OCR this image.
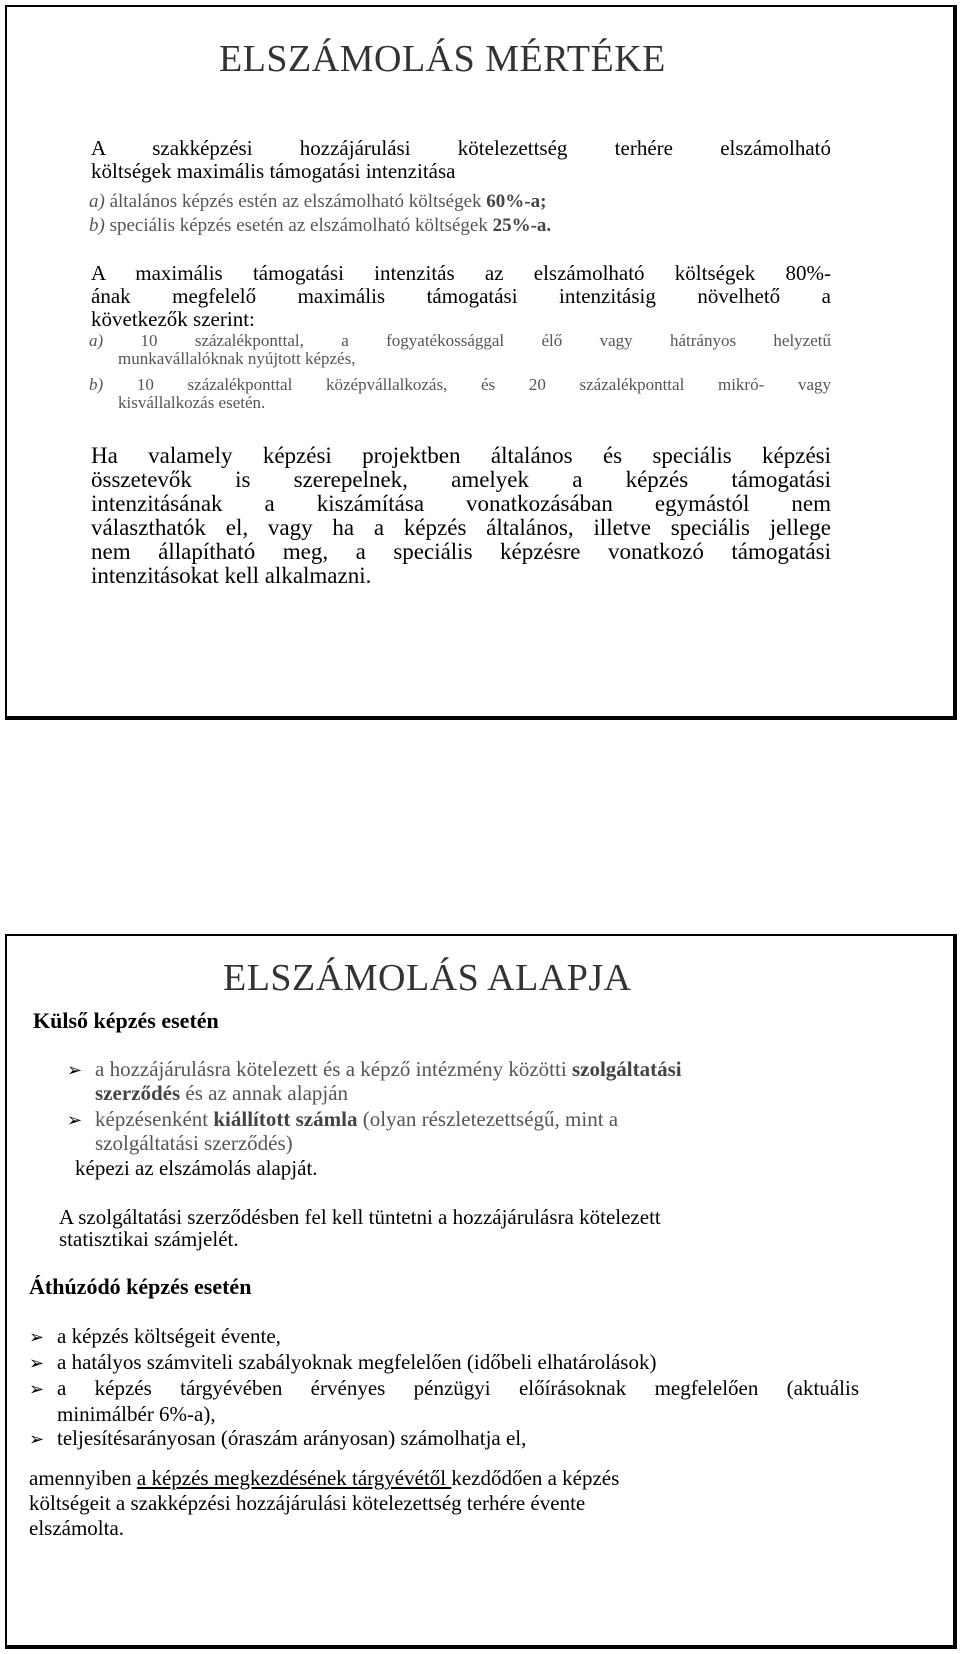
ELSZÁMOLÁS MÉRTÉKE
A szakképzési hozzájárulási kötelezettség terhére elszámolható
költségek maximális támogatási intenzitása
a) általános képzés estén az elszámolható költségek 60%-a;
b) speciális képzés esetén az elszámolható költségek 25%-a.
A maximális támogatási intenzitás az elszámolható költségek 80%-
ának megfelelő maximális támogatási intenzitásig növelhető a
következők szerint:
a) 10 százalékponttal, a fogyatékossággal élő vagy hátrányos helyzetű
munkavállalóknak nyújtott képzés,
b) 10 százalékponttal középvállalkozás, és 20 százalékponttal mikró- vagy
kisvállalkozás esetén.
Ha valamely képzési projektben általános és speciális képzési
összetevők is szerepelnek, amelyek a képzés támogatási
intenzitásának a kiszámítása vonatkozásában egymástól nem
választhatók el, vagy ha a képzés általános, illetve speciális jellege
nem állapítható meg, a speciális képzésre vonatkozó támogatási
intenzitásokat kell alkalmazni.
ELSZÁMOLÁS ALAPJA
Külső képzés esetén
➢ a hozzájárulásra kötelezett és a képző intézmény közötti szolgáltatási
szerződés és az annak alapján
➢ képzésenként kiállított számla (olyan részletezettségű, mint a
szolgáltatási szerződés)
képezi az elszámolás alapját.
A szolgáltatási szerződésben fel kell tüntetni a hozzájárulásra kötelezett
statisztikai számjelét.
Áthúzódó képzés esetén
➢ a képzés költségeit évente,
➢ a hatályos számviteli szabályoknak megfelelően (időbeli elhatárolások)
➢ a képzés tárgyévében érvényes pénzügyi előírásoknak megfelelően (aktuális
minimálbér 6%-a),
➢ teljesítésarányosan (óraszám arányosan) számolhatja el,
amennyiben a képzés megkezdésének tárgyévétől kezdődően a képzés
költségeit a szakképzési hozzájárulási kötelezettség terhére évente
elszámolta.
